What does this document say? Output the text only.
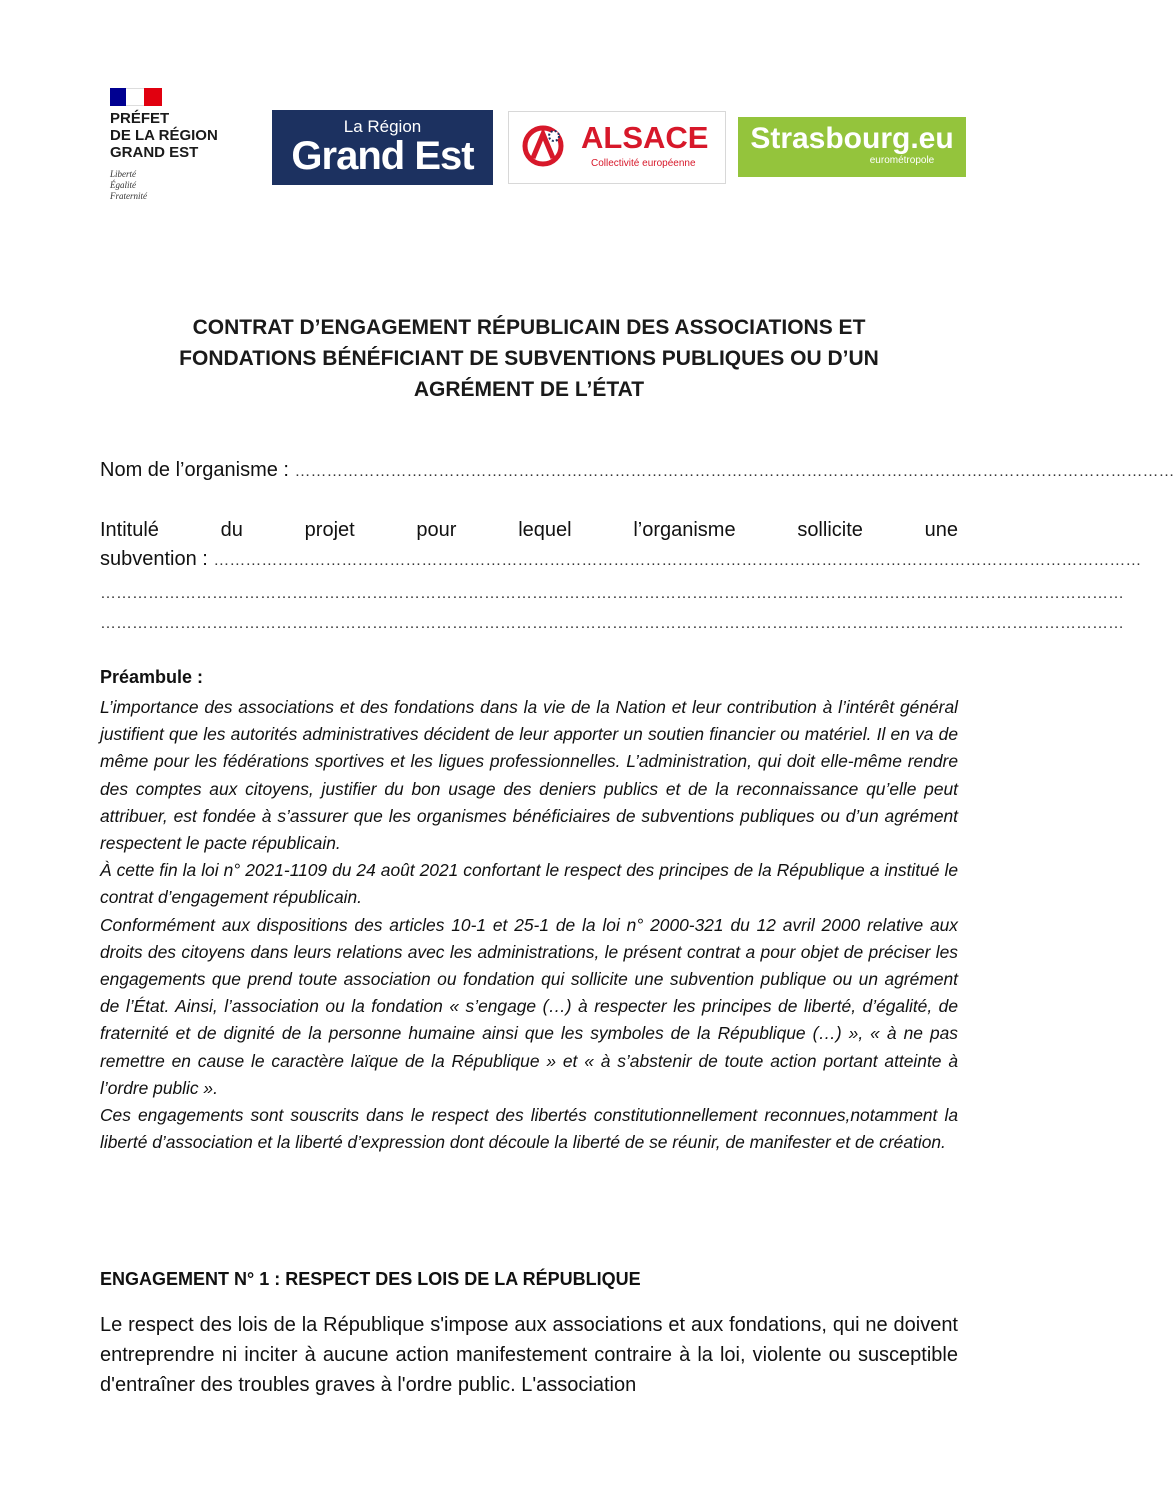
PRÉFET
DE LA RÉGION
GRAND EST
Liberté
Égalité
Fraternité
La Région
Grand Est	ALSACE
Collectivité européenne
Strasbourg.eu
eurométropole
CONTRAT D’ENGAGEMENT RÉPUBLICAIN DES ASSOCIATIONS ET
FONDATIONS BÉNÉFICIANT DE SUBVENTIONS PUBLIQUES OU D’UN
AGRÉMENT DE L’ÉTAT
Nom de l’organisme : …………………………………………………………………………………………………………………………………………………
Intitulé	du	projet	pour	lequel	l’organisme	sollicite	une
subvention : …………………………………………………………………………………………………………………………………………………………
…………………………………………………………………………………………………………………………………………………………………………
…………………………………………………………………………………………………………………………………………………………………………
Préambule :

L’importance des associations et des fondations dans la vie de la Nation et leur contribution à l’intérêt général justifient que les autorités administratives décident de leur apporter un soutien financier ou matériel. Il en va de même pour les fédérations sportives et les ligues professionnelles. L’administration, qui doit elle-même rendre des comptes aux citoyens, justifier du bon usage des deniers publics et de la reconnaissance qu’elle peut attribuer, est fondée à s’assurer que les organismes bénéficiaires de subventions publiques ou d’un agrément respectent le pacte républicain.

À cette fin la loi n° 2021-1109 du 24 août 2021 confortant le respect des principes de la République a institué le contrat d’engagement républicain.

Conformément aux dispositions des articles 10-1 et 25-1 de la loi n° 2000-321 du 12 avril 2000 relative aux droits des citoyens dans leurs relations avec les administrations, le présent contrat a pour objet de préciser les engagements que prend toute association ou fondation qui sollicite une subvention publique ou un agrément de l’État. Ainsi, l’association ou la fondation « s’engage (…) à respecter les principes de liberté, d’égalité, de fraternité et de dignité de la personne humaine ainsi que les symboles de la République (…) », « à ne pas remettre en cause le caractère laïque de la République » et « à s’abstenir de toute action portant atteinte à l’ordre public ».

Ces engagements sont souscrits dans le respect des libertés constitutionnellement reconnues,notamment la liberté d’association et la liberté d’expression dont découle la liberté de se réunir, de manifester et de création.

ENGAGEMENT N° 1 : RESPECT DES LOIS DE LA RÉPUBLIQUE
Le respect des lois de la République s'impose aux associations et aux fondations, qui ne doivent entreprendre ni inciter à aucune action manifestement contraire à la loi, violente ou susceptible d'entraîner des troubles graves à l'ordre public. L'association
